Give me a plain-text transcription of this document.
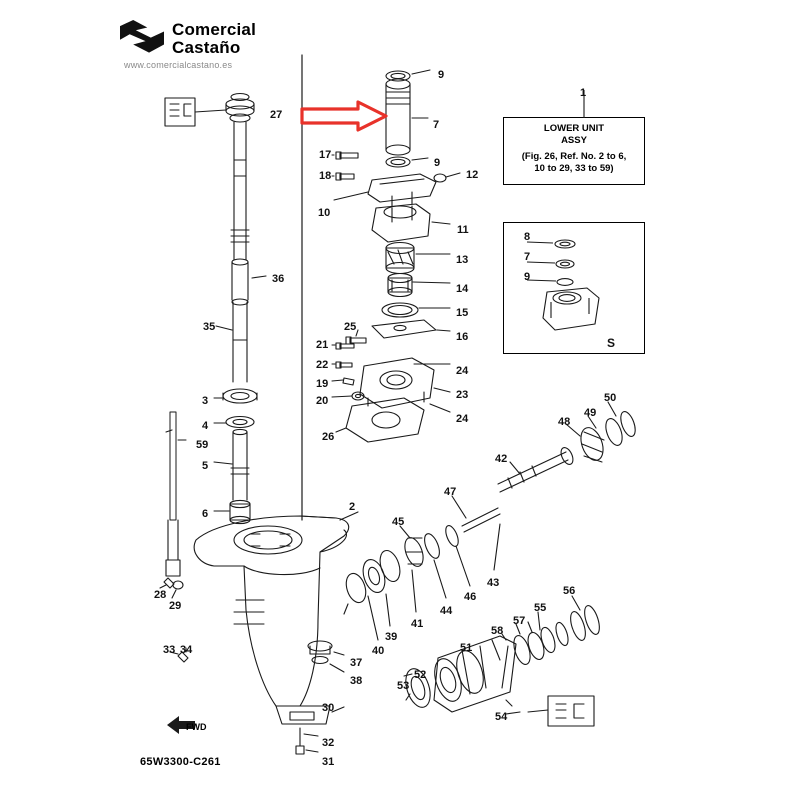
Comercial
Castaño
www.comercialcastano.es
LOWER UNIT
ASSY
(Fig. 26, Ref. No. 2 to 6,
10 to 29, 33 to 59)
8
7
9
S
FWD
65W3300-C261
9
7
9
1
27
17
18	12
10
11
13
14
15
16
25
21
22
19
20
24
23
24
26
36
35
3
4
59
5
6
2
28
29
33 34
37
38
30
32
31
39
40
41
44
46
43
45
47
42
48
49
50
56
55
57
58
51
52
53
54
